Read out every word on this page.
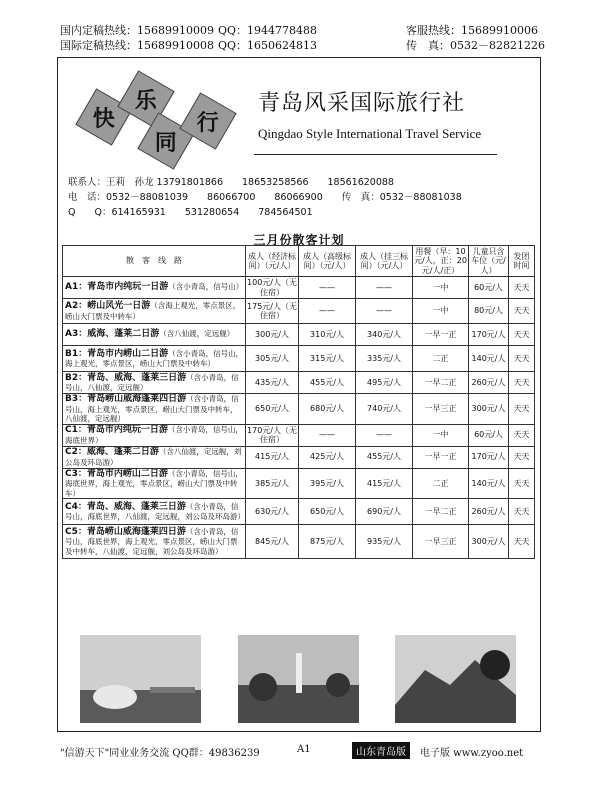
国内定稿热线：15689910009 QQ：1944778488
国际定稿热线：15689910008 QQ：1650624813
客服热线：15689910006
传　真：0532－82821226
快
乐
同
行
青岛风采国际旅行社
Qingdao Style International Travel Service
联系人：王莉　孙龙 13791801866　　18653258566　　18561620088
电　话：0532－88081039　　86066700　　86066900　　传　真：0532－88081038
Q　　Q：614165931　　531280654　　784564501
三月份散客计划
散　客　线　路	成人（经济标间）（元/人）	成人（高级标间）（元/人）	成人（挂三标间）（元/人）	用餐（早：10元/人，正：20元/人/正）	儿童只含车位（元/人）	发团时间
A1：青岛市内纯玩一日游（含小青岛，信号山）	100元/人（无住宿）	——	——	一中	60元/人	天天
A2：崂山风光一日游（含海上观光，零点景区，崂山大门票及中转车）	175元/人（无住宿）	——	——	一中	80元/人	天天
A3：威海、蓬莱二日游（含八仙渡，定远舰）	300元/人	310元/人	340元/人	一早一正	170元/人	天天
B1：青岛市内崂山二日游（含小青岛，信号山，海上观光，零点景区，崂山大门票及中转车）	305元/人	315元/人	335元/人	二正	140元/人	天天
B2：青岛、威海、蓬莱三日游（含小青岛，信号山，八仙渡，定远舰）	435元/人	455元/人	495元/人	一早二正	260元/人	天天
B3：青岛崂山威海蓬莱四日游（含小青岛，信号山，海上观光，零点景区，崂山大门票及中转车，八仙渡，定远舰）	650元/人	680元/人	740元/人	一早三正	300元/人	天天
C1：青岛市内纯玩一日游（含小青岛，信号山，海底世界）	170元/人（无住宿）	——	——	一中	60元/人	天天
C2：威海、蓬莱二日游（含八仙渡，定远舰，刘公岛及环岛游）	415元/人	425元/人	455元/人	一早一正	170元/人	天天
C3：青岛市内崂山二日游（含小青岛，信号山，海底世界，海上观光，零点景区，崂山大门票及中转车）	385元/人	395元/人	415元/人	二正	140元/人	天天
C4：青岛、威海、蓬莱三日游（含小青岛，信号山，海底世界，八仙渡，定远舰，刘公岛及环岛游）	630元/人	650元/人	690元/人	一早二正	260元/人	天天
C5：青岛崂山威海蓬莱四日游（含小青岛，信号山，海底世界，海上观光，零点景区，崂山大门票及中转车，八仙渡，定远舰，刘公岛及环岛游）	845元/人	875元/人	935元/人	一早三正	300元/人	天天
"信游天下"同业业务交流 QQ群：49836239	A1	山东青岛版	电子版 www.zyoo.net
